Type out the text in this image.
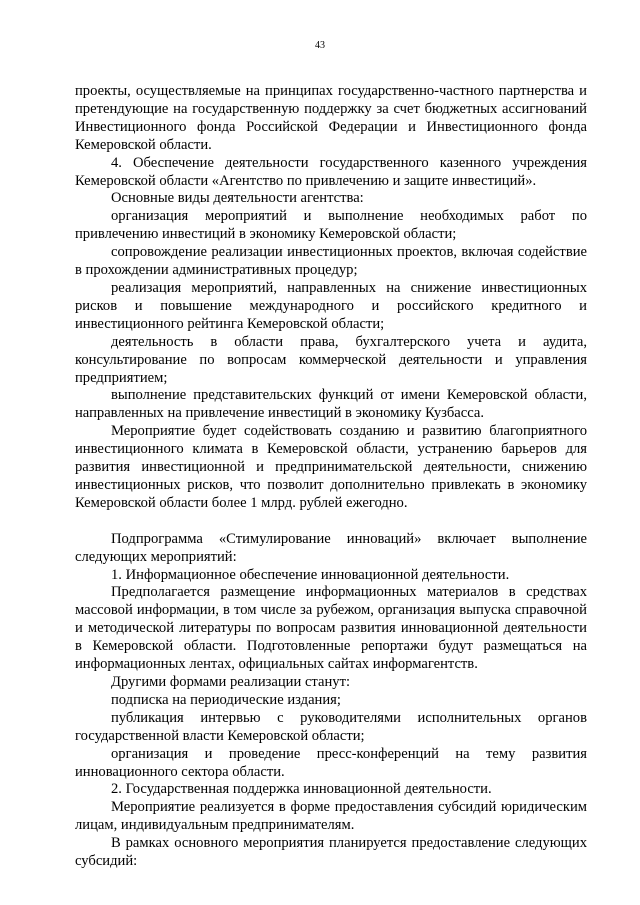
43

проекты, осуществляемые на принципах государственно-частного партнерства и претендующие на государственную поддержку за счет бюджетных ассигнований Инвестиционного фонда Российской Федерации и Инвестиционного фонда Кемеровской области.

4. Обеспечение деятельности государственного казенного учреждения Кемеровской области «Агентство по привлечению и защите инвестиций».

Основные виды деятельности агентства:

организация мероприятий и выполнение необходимых работ по привлечению инвестиций в экономику Кемеровской области;

сопровождение реализации инвестиционных проектов, включая содействие в прохождении административных процедур;

реализация мероприятий, направленных на снижение инвестиционных рисков и повышение международного и российского кредитного и инвестиционного рейтинга Кемеровской области;

деятельность в области права, бухгалтерского учета и аудита, консультирование по вопросам коммерческой деятельности и управления предприятием;

выполнение представительских функций от имени Кемеровской области, направленных на привлечение инвестиций в экономику Кузбасса.

Мероприятие будет содействовать созданию и развитию благоприятного инвестиционного климата в Кемеровской области, устранению барьеров для развития инвестиционной и предпринимательской деятельности, снижению инвестиционных рисков, что позволит дополнительно привлекать в экономику Кемеровской области более 1 млрд. рублей ежегодно.

Подпрограмма «Стимулирование инноваций» включает выполнение следующих мероприятий:

1. Информационное обеспечение инновационной деятельности.

Предполагается размещение информационных материалов в средствах массовой информации, в том числе за рубежом, организация выпуска справочной и методической литературы по вопросам развития инновационной деятельности в Кемеровской области. Подготовленные репортажи будут размещаться на информационных лентах, официальных сайтах информагентств.

Другими формами реализации станут:

подписка на периодические издания;

публикация интервью с руководителями исполнительных органов государственной власти Кемеровской области;

организация и проведение пресс-конференций на тему развития инновационного сектора области.

2. Государственная поддержка инновационной деятельности.

Мероприятие реализуется в форме предоставления субсидий юридическим лицам, индивидуальным предпринимателям.

В рамках основного мероприятия планируется предоставление следующих субсидий:
